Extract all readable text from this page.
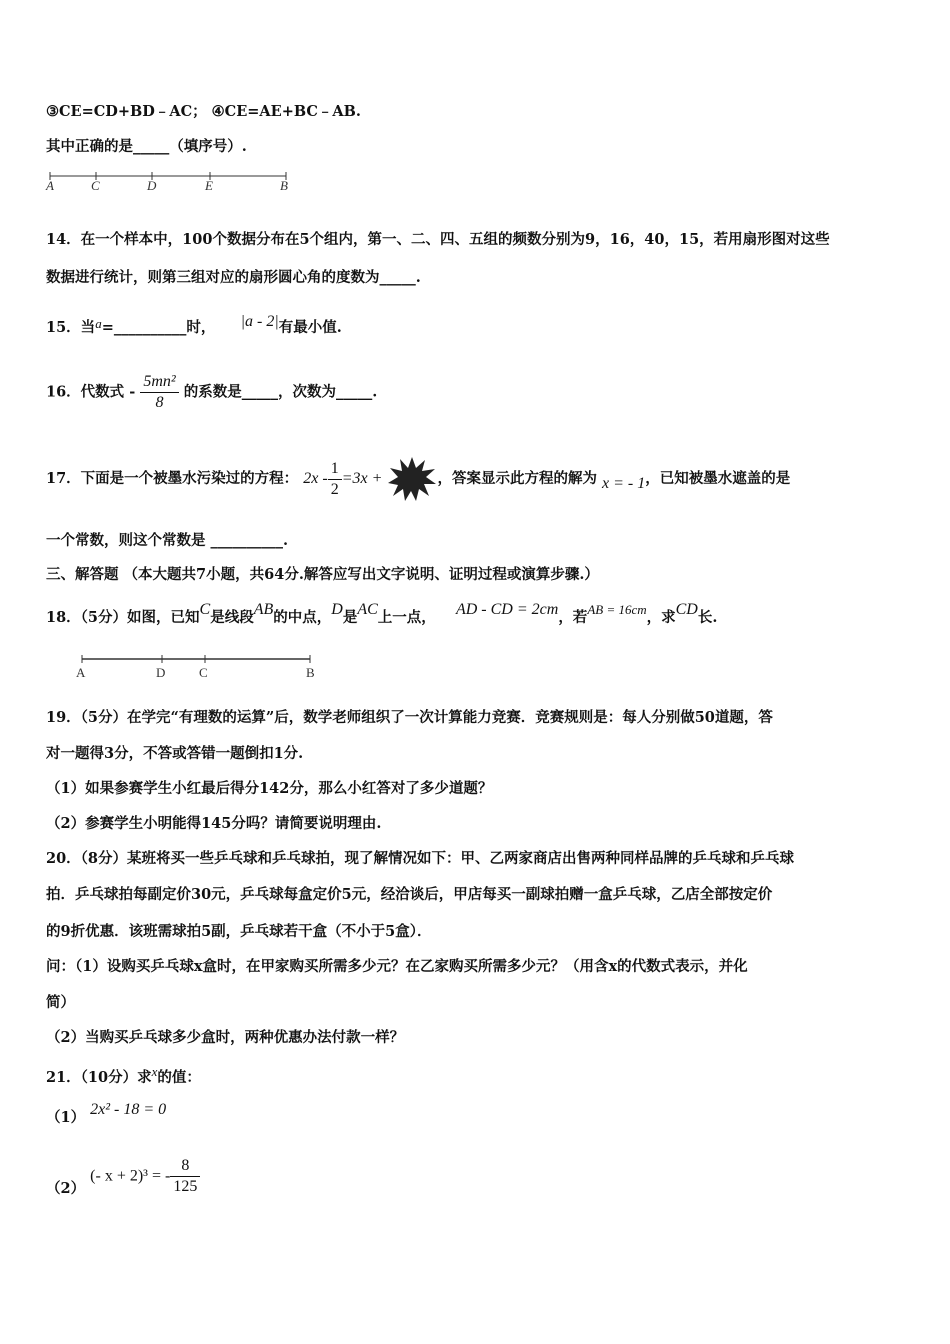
③CE=CD+BD﹣AC； ④CE=AE+BC﹣AB.
其中正确的是_____（填序号）.
A	C	D	E	B
14．在一个样本中，100个数据分布在5个组内，第一、二、四、五组的频数分别为9，16，40，15，若用扇形图对这些
数据进行统计，则第三组对应的扇形圆心角的度数为_____.
15．当a=__________时， |a - 2|有最小值.
16．代数式 - $\frac{\text{5mn²}}{8}$ 的系数是_____，次数为_____.
17．下面是一个被墨水污染过的方程： $2x - \frac{1}{2} =3x$ +	，答案显示此方程的解为 x = - 1，已知被墨水遮盖的是
一个常数，则这个常数是 __________.
三、解答题 （本大题共7小题，共64分.解答应写出文字说明、证明过程或演算步骤.）
18．（5分）如图，已知C是线段AB的中点，D是AC上一点， AD - CD = 2cm，若AB = 16cm，求CD长.
A	D	C	B
19．（5分）在学完“有理数的运算”后，数学老师组织了一次计算能力竞赛．竞赛规则是：每人分别做50道题，答
对一题得3分，不答或答错一题倒扣1分.
（1）如果参赛学生小红最后得分142分，那么小红答对了多少道题？
（2）参赛学生小明能得145分吗？请简要说明理由.
20．（8分）某班将买一些乒乓球和乒乓球拍，现了解情况如下：甲、乙两家商店出售两种同样品牌的乒乓球和乒乓球
拍．乒乓球拍每副定价30元，乒乓球每盒定价5元，经洽谈后，甲店每买一副球拍赠一盒乒乓球，乙店全部按定价
的9折优惠．该班需球拍5副，乒乓球若干盒（不小于5盒）．
问：（1）设购买乒乓球x盒时，在甲家购买所需多少元？在乙家购买所需多少元？（用含x的代数式表示，并化
简）
（2）当购买乒乓球多少盒时，两种优惠办法付款一样？
21．（10分）求x的值：
（1） 2x² - 18 = 0
（2） (- x + 2)³ = - $\frac{8}{125}$
